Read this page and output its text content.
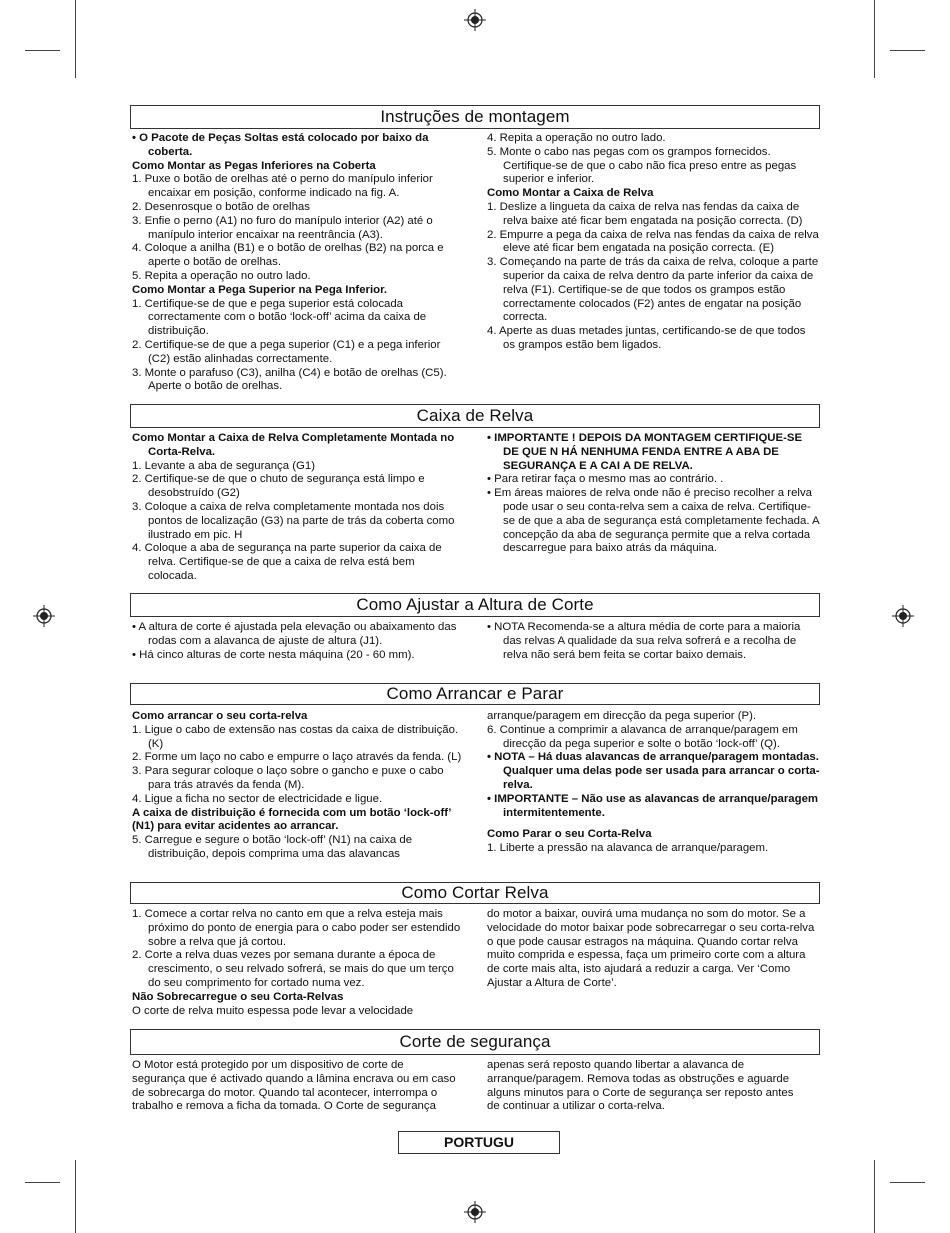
Instruções de montagem

• O Pacote de Peças Soltas está colocado por baixo da coberta.

Como Montar as Pegas Inferiores na Coberta

1. Puxe o botão de orelhas até o perno do manípulo inferior encaixar em posição, conforme indicado na fig. A.

2. Desenrosque o botão de orelhas

3. Enfie o perno (A1) no furo do manípulo interior (A2) até o manípulo interior encaixar na reentrância (A3).

4. Coloque a anilha (B1) e o botão de orelhas (B2) na porca e aperte o botão de orelhas.

5. Repita a operação no outro lado.

Como Montar a Pega Superior na Pega Inferior.

1. Certifique-se de que e pega superior está colocada correctamente com o botão ‘lock-off’ acima da caixa de distribuição.

2. Certifique-se de que a pega superior (C1) e a pega inferior (C2) estão alinhadas correctamente.

3. Monte o parafuso (C3), anilha (C4) e botão de orelhas (C5). Aperte o botão de orelhas.

4. Repita a operação no outro lado.

5. Monte o cabo nas pegas com os grampos fornecidos. Certifique-se de que o cabo não fica preso entre as pegas superior e inferior.

Como Montar a Caixa de Relva

1. Deslize a lingueta da caixa de relva nas fendas da caixa de relva baixe até ficar bem engatada na posição correcta. (D)

2. Empurre a pega da caixa de relva nas fendas da caixa de relva eleve até ficar bem engatada na posição correcta. (E)

3. Começando na parte de trás da caixa de relva, coloque a parte superior da caixa de relva dentro da parte inferior da caixa de relva (F1). Certifique-se de que todos os grampos estão correctamente colocados (F2) antes de engatar na posição correcta.

4. Aperte as duas metades juntas, certificando-se de que todos os grampos estão bem ligados.

Caixa de Relva

Como Montar a Caixa de Relva Completamente Montada no Corta-Relva.

1. Levante a aba de segurança (G1)

2. Certifique-se de que o chuto de segurança está limpo e desobstruído (G2)

3. Coloque a caixa de relva completamente montada nos dois pontos de localização (G3) na parte de trás da coberta como ilustrado em pic. H

4. Coloque a aba de segurança na parte superior da caixa de relva. Certifique-se de que a caixa de relva está bem colocada.

• IMPORTANTE ! DEPOIS DA MONTAGEM CERTIFIQUE-SE DE QUE N HÁ NENHUMA FENDA ENTRE A ABA DE SEGURANÇA E A CAI A DE RELVA.

• Para retirar faça o mesmo mas ao contrário. .

• Em áreas maiores de relva onde não é preciso recolher a relva pode usar o seu conta-relva sem a caixa de relva. Certifique-se de que a aba de segurança está completamente fechada. A concepção da aba de segurança permite que a relva cortada descarregue para baixo atrás da máquina.

Como Ajustar a Altura de Corte

• A altura de corte é ajustada pela elevação ou abaixamento das rodas com a alavanca de ajuste de altura (J1).

• Há cinco alturas de corte nesta máquina (20 - 60 mm).

• NOTA Recomenda-se a altura média de corte para a maioria das relvas A qualidade da sua relva sofrerá e a recolha de relva não será bem feita se cortar baixo demais.

Como Arrancar e Parar

Como arrancar o seu corta-relva

1. Ligue o cabo de extensão nas costas da caixa de distribuição. (K)

2. Forme um laço no cabo e empurre o laço através da fenda. (L)

3. Para segurar coloque o laço sobre o gancho e puxe o cabo para trás através da fenda (M).

4. Ligue a ficha no sector de electricidade e ligue.

A caixa de distribuição é fornecida com um botão ‘lock-off’ (N1) para evitar acidentes ao arrancar.

5. Carregue e segure o botão ‘lock-off’ (N1) na caixa de distribuição, depois comprima uma das alavancas

arranque/paragem em direcção da pega superior (P).

6. Continue a comprimir a alavanca de arranque/paragem em direcção da pega superior e solte o botão ‘lock-off’ (Q).

• NOTA – Há duas alavancas de arranque/paragem montadas. Qualquer uma delas pode ser usada para arrancar o corta-relva.

• IMPORTANTE – Não use as alavancas de arranque/paragem intermitentemente.

Como Parar o seu Corta-Relva

1. Liberte a pressão na alavanca de arranque/paragem.

Como Cortar Relva

1. Comece a cortar relva no canto em que a relva esteja mais próximo do ponto de energia para o cabo poder ser estendido sobre a relva que já cortou.

2. Corte a relva duas vezes por semana durante a época de crescimento, o seu relvado sofrerá, se mais do que um terço do seu comprimento for cortado numa vez.

Não Sobrecarregue o seu Corta-Relvas

O corte de relva muito espessa pode levar a velocidade

do motor a baixar, ouvirá uma mudança no som do motor. Se a velocidade do motor baixar pode sobrecarregar o seu corta-relva o que pode causar estragos na máquina. Quando cortar relva muito comprida e espessa, faça um primeiro corte com a altura de corte mais alta, isto ajudará a reduzir a carga. Ver ‘Como Ajustar a Altura de Corte’.

Corte de segurança

O Motor está protegido por um dispositivo de corte de segurança que é activado quando a lâmina encrava ou em caso de sobrecarga do motor. Quando tal acontecer, interrompa o trabalho e remova a ficha da tomada. O Corte de segurança

apenas será reposto quando libertar a alavanca de arranque/paragem. Remova todas as obstruções e aguarde alguns minutos para o Corte de segurança ser reposto antes de continuar a utilizar o corta-relva.

PORTUGU
